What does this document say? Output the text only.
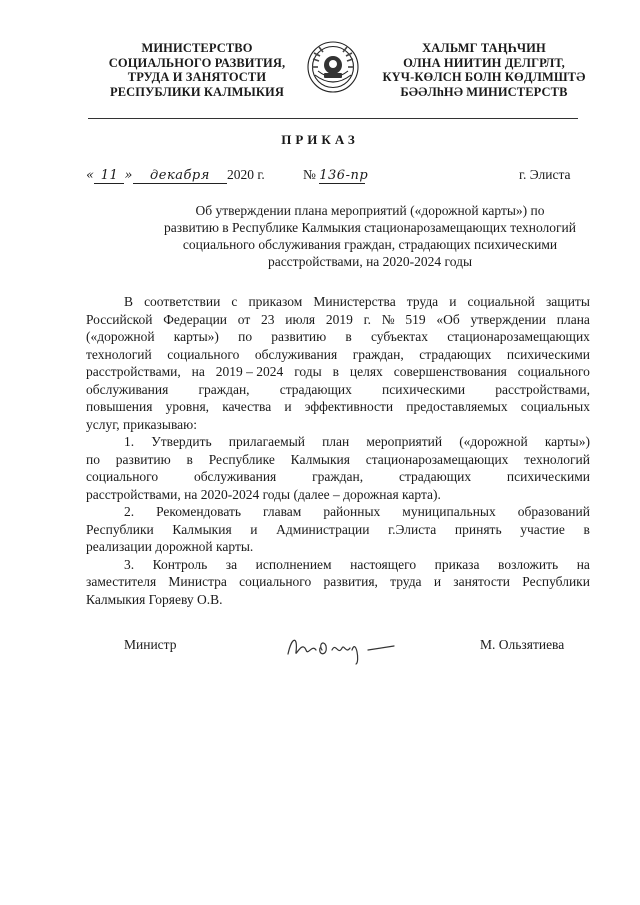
МИНИСТЕРСТВО
СОЦИАЛЬНОГО РАЗВИТИЯ,
ТРУДА И ЗАНЯТОСТИ
РЕСПУБЛИКИ КАЛМЫКИЯ
ХАЛЬМГ ТАҢҺЧИН
ОЛНА НИИТИН ДЕЛГРЛТ,
КҮЧ-КӨЛСН БОЛН КӨДЛМШТӘ
БӘӘЛһНӘ МИНИСТЕРСТВ
ПРИКАЗ
« 11 » декабря 2020 г.	№ 136-пр	г. Элиста
Об утверждении плана мероприятий («дорожной карты») по
развитию в Республике Калмыкия стационарозамещающих технологий
социального обслуживания граждан, страдающих психическими
расстройствами, на 2020-2024 годы
В соответствии с приказом Министерства труда и социальной защиты
Российской Федерации от 23 июля 2019 г. № 519 «Об утверждении плана
(«дорожной карты») по развитию в субъектах стационарозамещающих
технологий социального обслуживания граждан, страдающих психическими
расстройствами, на 2019 – 2024 годы в целях совершенствования социального
обслуживания граждан, страдающих психическими расстройствами,
повышения уровня, качества и эффективности предоставляемых социальных
услуг, приказываю:
1. Утвердить прилагаемый план мероприятий («дорожной карты»)
по развитию в Республике Калмыкия стационарозамещающих технологий
социального	обслуживания	граждан,	страдающих	психическими
расстройствами, на 2020-2024 годы (далее – дорожная карта).
2. Рекомендовать главам районных муниципальных образований
Республики Калмыкия и Администрации г.Элиста принять участие в
реализации дорожной карты.
3. Контроль за исполнением настоящего приказа возложить на
заместителя Министра социального развития, труда и занятости Республики
Калмыкия Горяеву О.В.
Министр	М. Ользятиева
